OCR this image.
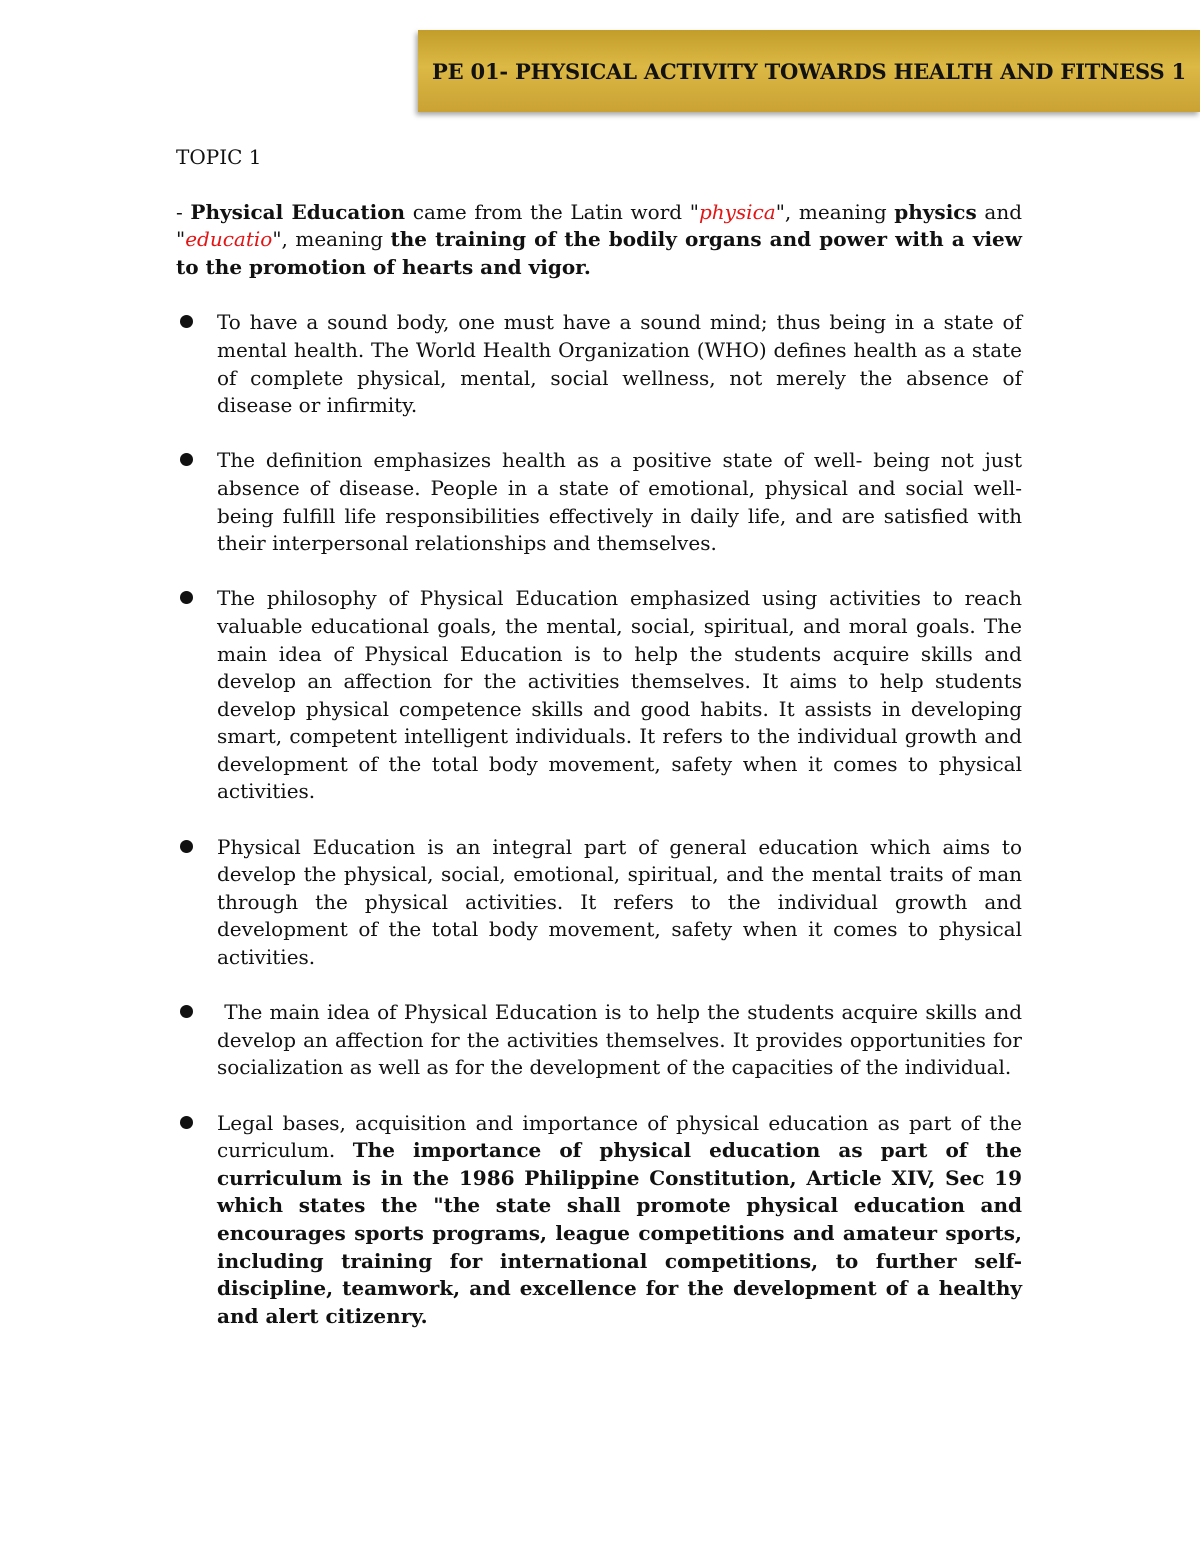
PE 01- PHYSICAL ACTIVITY TOWARDS HEALTH AND FITNESS 1

TOPIC 1

- Physical Education came from the Latin word "physica", meaning physics and "educatio", meaning the training of the bodily organs and power with a view to the promotion of hearts and vigor.

To have a sound body, one must have a sound mind; thus being in a state of mental health. The World Health Organization (WHO) defines health as a state of complete physical, mental, social wellness, not merely the absence of disease or infirmity.
The definition emphasizes health as a positive state of well- being not just absence of disease. People in a state of emotional, physical and social well-being fulfill life responsibilities effectively in daily life, and are satisfied with their interpersonal relationships and themselves.
The philosophy of Physical Education emphasized using activities to reach valuable educational goals, the mental, social, spiritual, and moral goals. The main idea of Physical Education is to help the students acquire skills and develop an affection for the activities themselves. It aims to help students develop physical competence skills and good habits. It assists in developing smart, competent intelligent individuals. It refers to the individual growth and development of the total body movement, safety when it comes to physical activities.
Physical Education is an integral part of general education which aims to develop the physical, social, emotional, spiritual, and the mental traits of man through the physical activities. It refers to the individual growth and development of the total body movement, safety when it comes to physical activities.
The main idea of Physical Education is to help the students acquire skills and develop an affection for the activities themselves. It provides opportunities for socialization as well as for the development of the capacities of the individual.
Legal bases, acquisition and importance of physical education as part of the curriculum. The importance of physical education as part of the curriculum is in the 1986 Philippine Constitution, Article XIV, Sec 19 which states the "the state shall promote physical education and encourages sports programs, league competitions and amateur sports, including training for international competitions, to further self-discipline, teamwork, and excellence for the development of a healthy and alert citizenry.
